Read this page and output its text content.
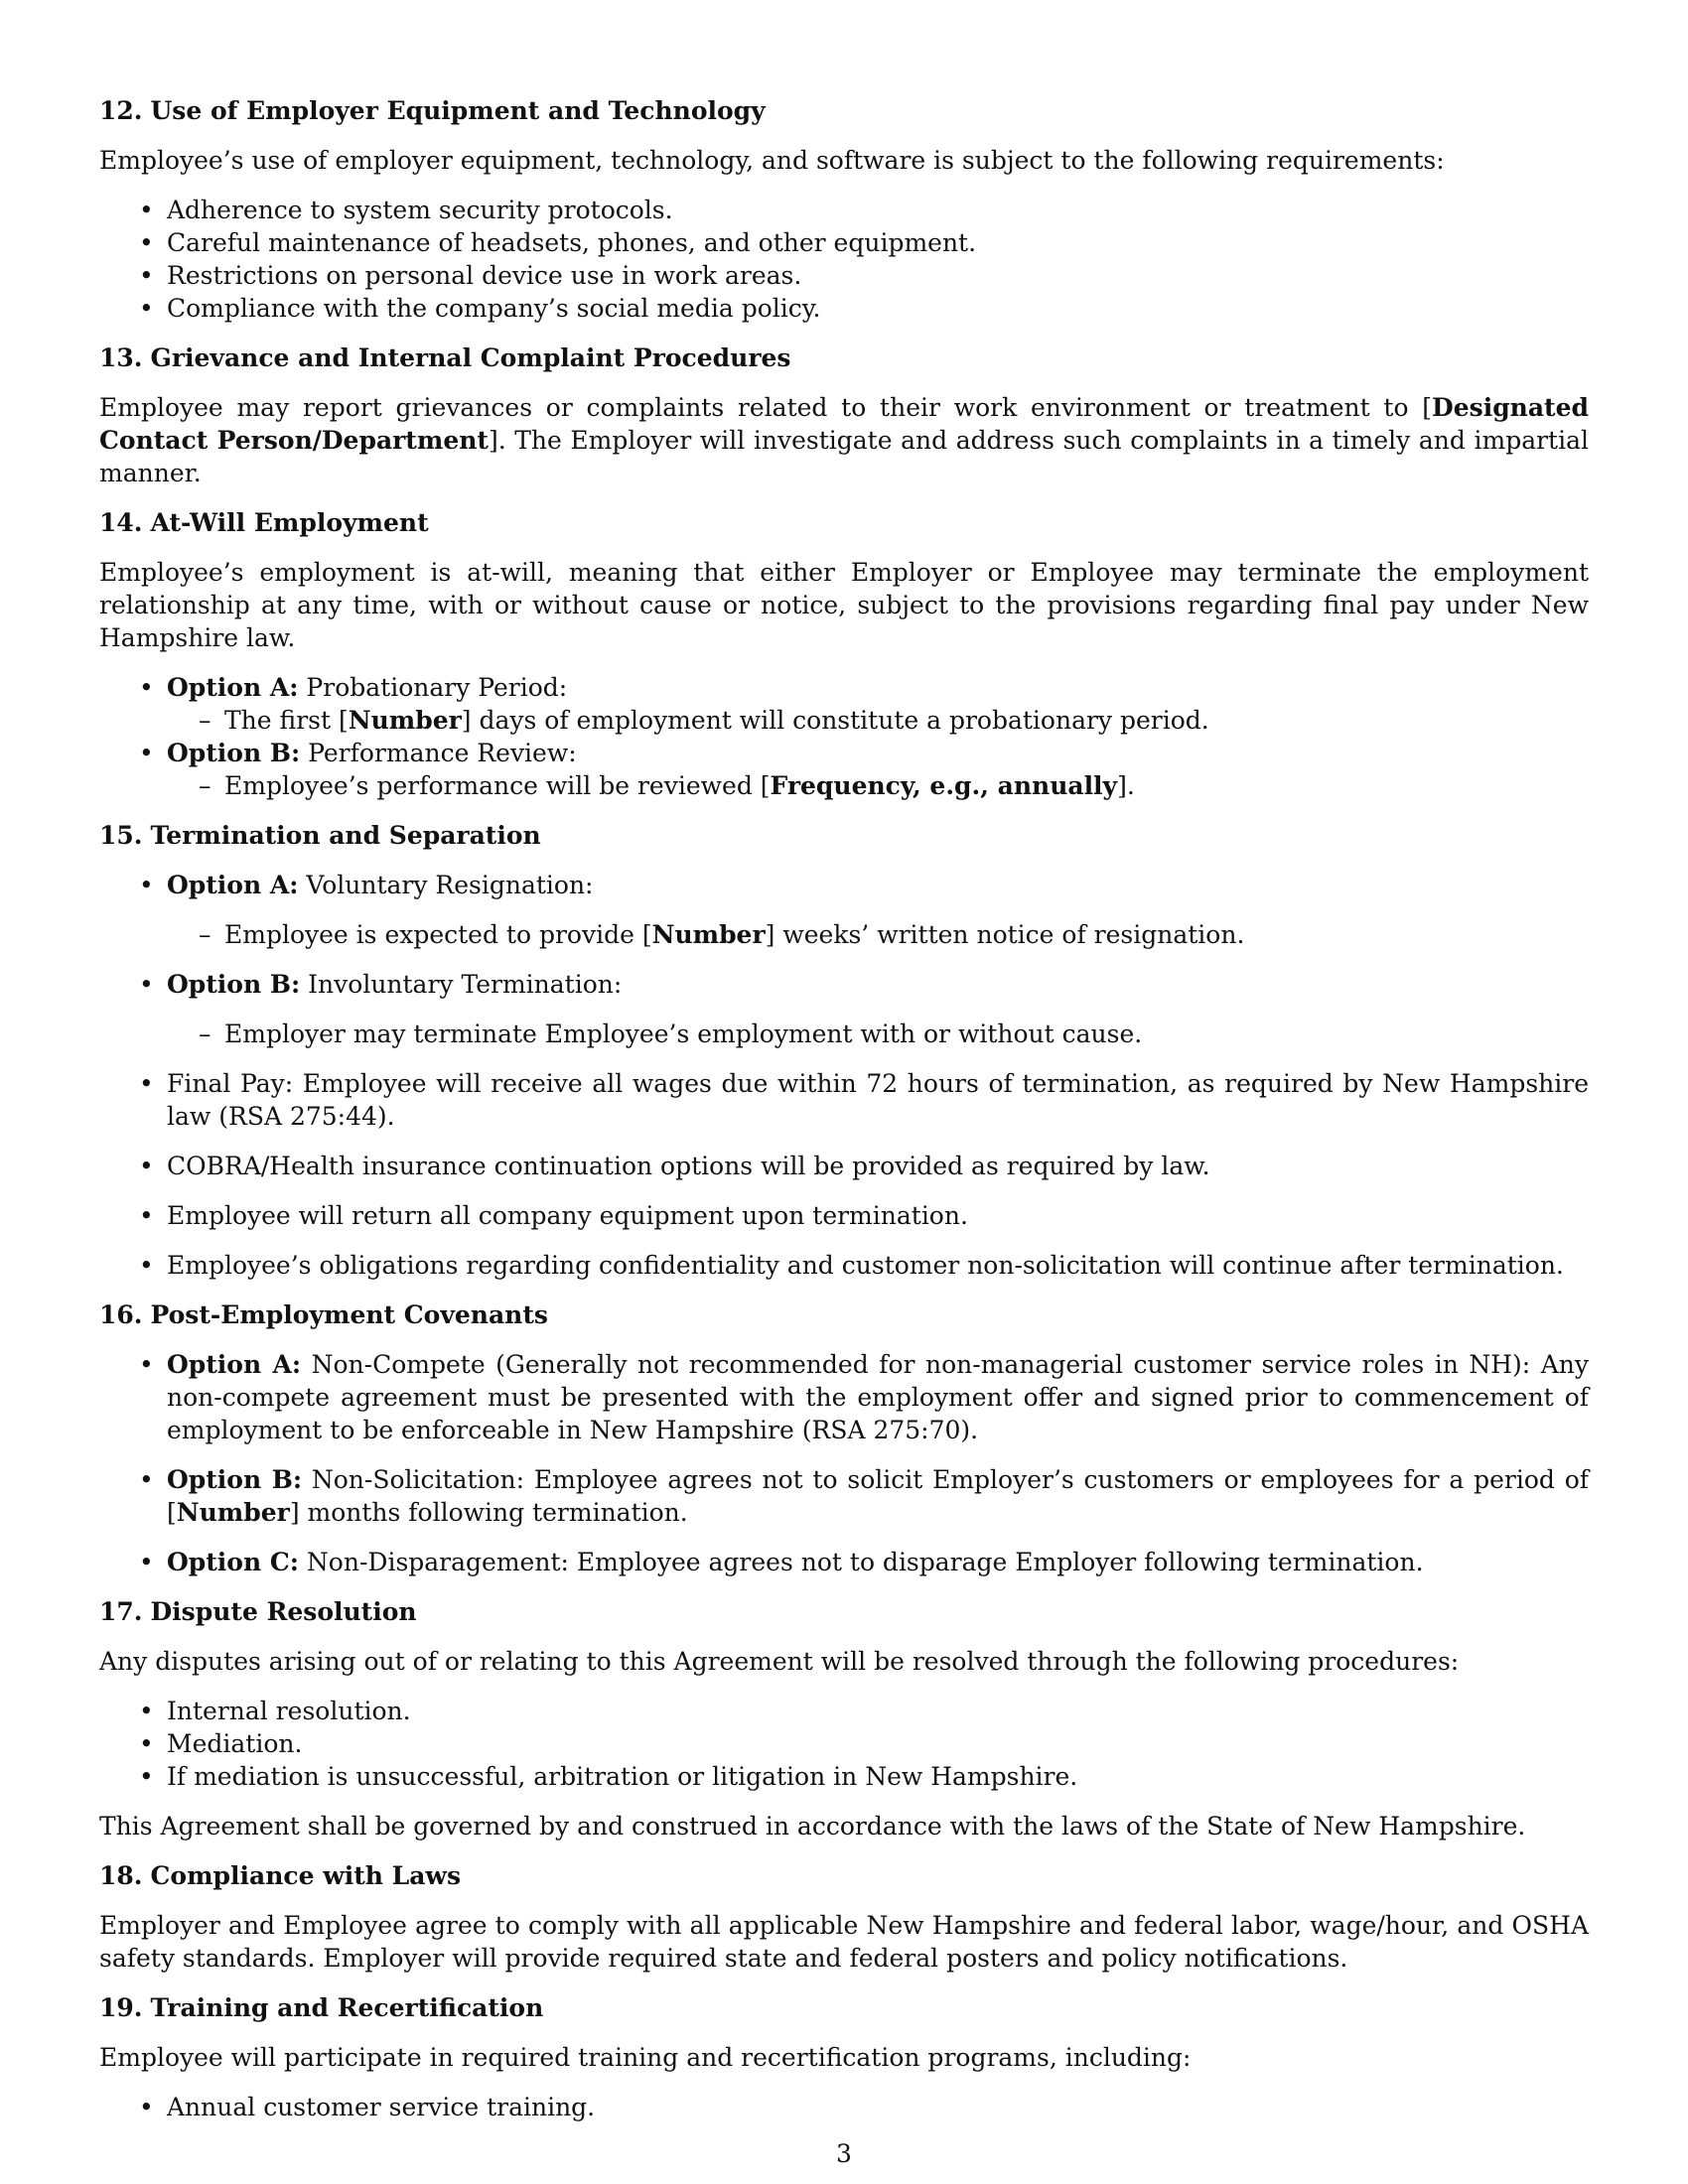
12. Use of Employer Equipment and Technology

Employee’s use of employer equipment, technology, and software is subject to the following requirements:

• Adherence to system security protocols.
• Careful maintenance of headsets, phones, and other equipment.
• Restrictions on personal device use in work areas.
• Compliance with the company’s social media policy.
13. Grievance and Internal Complaint Procedures

Employee may report grievances or complaints related to their work environment or treatment to [Designated Contact Person/Department]. The Employer will investigate and address such complaints in a timely and impartial manner.

14. At-Will Employment

Employee’s employment is at-will, meaning that either Employer or Employee may terminate the employment relationship at any time, with or without cause or notice, subject to the provisions regarding final pay under New Hampshire law.

• Option A: Probationary Period:
– The first [Number] days of employment will constitute a probationary period.
• Option B: Performance Review:
– Employee’s performance will be reviewed [Frequency, e.g., annually].
15. Termination and Separation
• Option A: Voluntary Resignation:
– Employee is expected to provide [Number] weeks’ written notice of resignation.
• Option B: Involuntary Termination:
– Employer may terminate Employee’s employment with or without cause.
• Final Pay: Employee will receive all wages due within 72 hours of termination, as required by New Hampshire law (RSA 275:44).
• COBRA/Health insurance continuation options will be provided as required by law.
• Employee will return all company equipment upon termination.
• Employee’s obligations regarding confidentiality and customer non-solicitation will continue after termination.
16. Post-Employment Covenants
• Option A: Non-Compete (Generally not recommended for non-managerial customer service roles in NH): Any non-compete agreement must be presented with the employment offer and signed prior to commencement of employment to be enforceable in New Hampshire (RSA 275:70).
• Option B: Non-Solicitation: Employee agrees not to solicit Employer’s customers or employees for a period of [Number] months following termination.
• Option C: Non-Disparagement: Employee agrees not to disparage Employer following termination.
17. Dispute Resolution

Any disputes arising out of or relating to this Agreement will be resolved through the following procedures:

• Internal resolution.
• Mediation.
• If mediation is unsuccessful, arbitration or litigation in New Hampshire.

This Agreement shall be governed by and construed in accordance with the laws of the State of New Hampshire.

18. Compliance with Laws

Employer and Employee agree to comply with all applicable New Hampshire and federal labor, wage/hour, and OSHA safety standards. Employer will provide required state and federal posters and policy notifications.

19. Training and Recertification

Employee will participate in required training and recertification programs, including:

• Annual customer service training.
3
